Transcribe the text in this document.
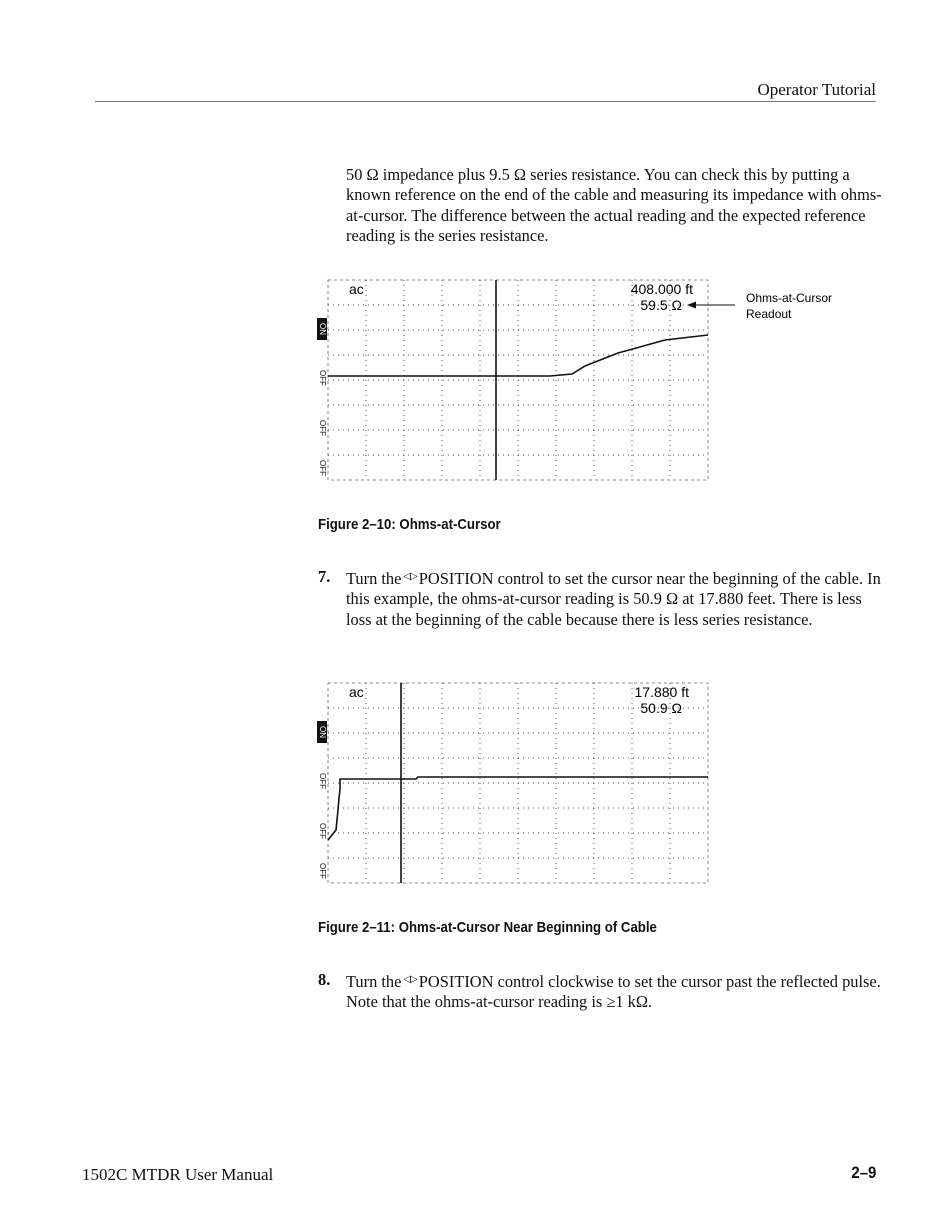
Operator Tutorial
50 Ω impedance plus 9.5 Ω series resistance. You can check this by putting a known reference on the end of the cable and measuring its impedance with ohms-at-cursor. The difference between the actual reading and the expected reference reading is the series resistance.
ac	408.000 ft
59.5 Ω	Ohms-at-Cursor
Readout
ON
OFF
OFF
OFF
Figure 2–10: Ohms-at-Cursor
7. Turn the ◁▷ POSITION control to set the cursor near the beginning of the cable. In this example, the ohms-at-cursor reading is 50.9 Ω at 17.880 feet. There is less loss at the beginning of the cable because there is less series resistance.
ac	17.880 ft
50.9 Ω
ON
OFF
OFF
OFF
Figure 2–11: Ohms-at-Cursor Near Beginning of Cable
8. Turn the ◁▷ POSITION control clockwise to set the cursor past the reflected pulse. Note that the ohms-at-cursor reading is ≥1 kΩ.
1502C MTDR User Manual	2–9
